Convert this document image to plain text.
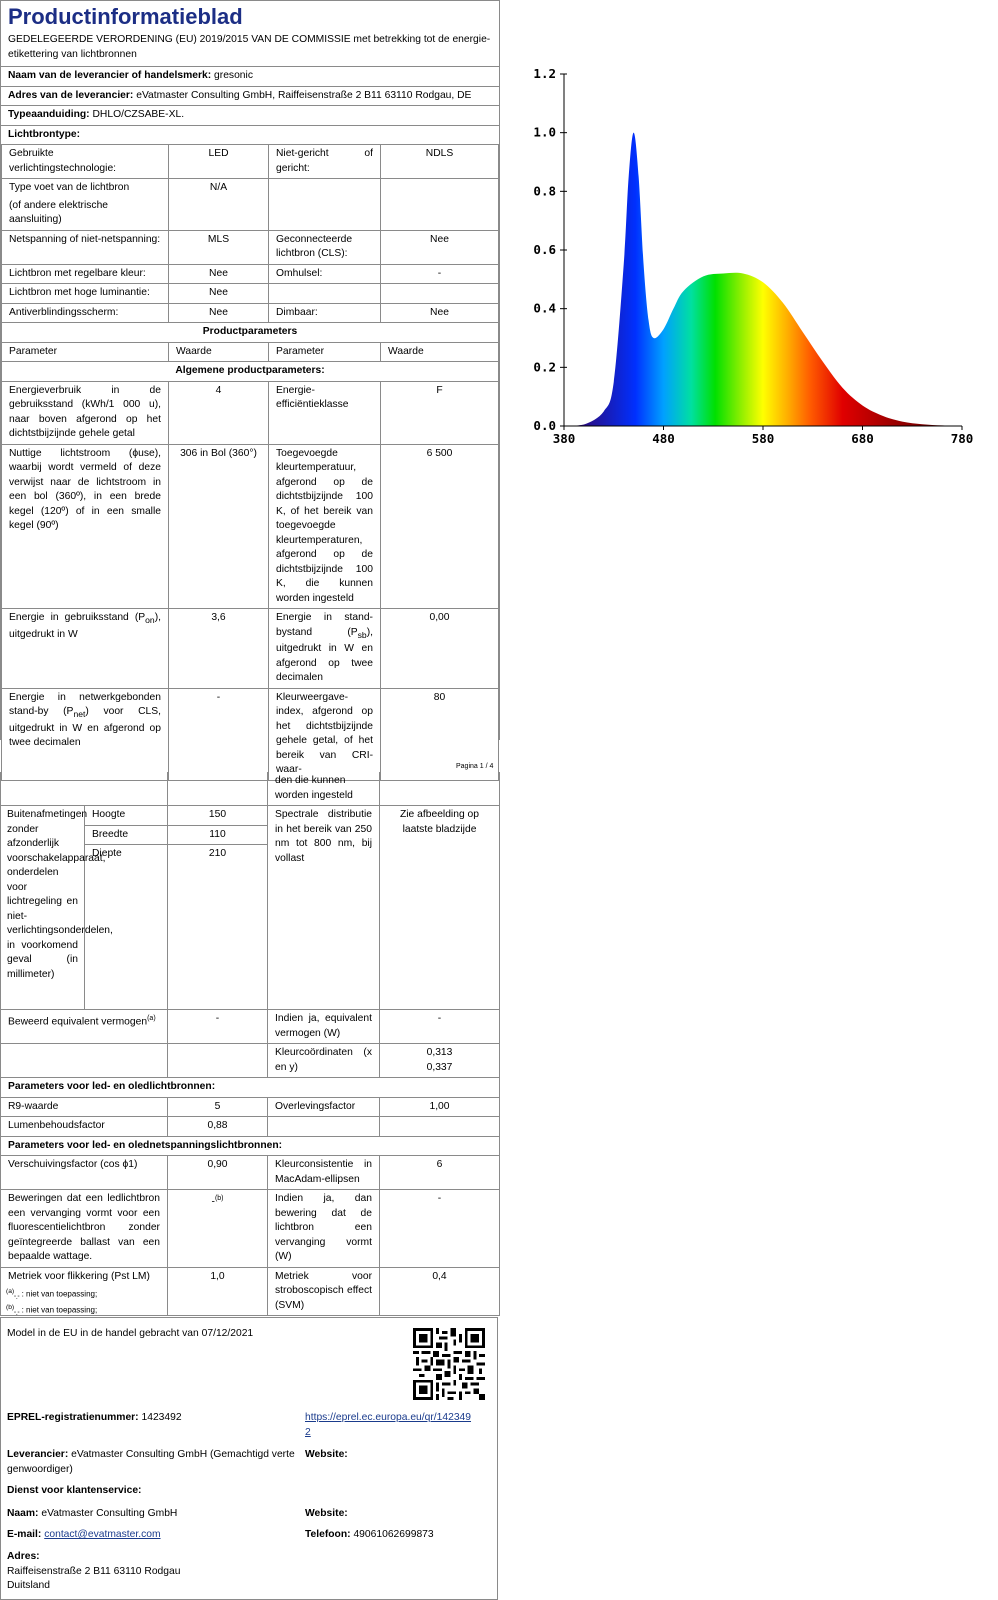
Productinformatieblad
GEDELEGEERDE VERORDENING (EU) 2019/2015 VAN DE COMMISSIE met betrekking tot de energie-etikettering van lichtbronnen
Naam van de leverancier of handelsmerk: gresonic
Adres van de leverancier: eVatmaster Consulting GmbH, Raiffeisenstraße 2 B11 63110 Rodgau, DE
Typeaanduiding: DHLO/CZSABE-XL.
Lichtbrontype:
Gebruikte verlichtingstechnologie:	LED	Niet-gericht of gericht:	NDLS

Type voet van de lichtbron
(of andere elektrische aansluiting)	N/A		
Netspanning of niet-netspanning:	MLS	Geconnecteerde lichtbron (CLS):	Nee
Lichtbron met regelbare kleur:	Nee	Omhulsel:	-
Lichtbron met hoge luminantie:	Nee		
Antiverblindingsscherm:	Nee	Dimbaar:	Nee
Productparameters			
Parameter	Waarde	Parameter	Waarde
Algemene productparameters:			
Energieverbruik in de gebruiksstand (kWh/1 000 u), naar boven afgerond op het dichtstbijzijnde gehele getal	4	Energie-efficiëntieklasse	F
Nuttige lichtstroom (ϕuse), waarbij wordt vermeld of deze verwijst naar de lichtstroom in een bol (360º), in een brede kegel (120º) of in een smalle kegel (90º)	306 in Bol (360°)	Toegevoegde kleurtemperatuur, afgerond op de dichtstbijzijnde 100 K, of het bereik van toegevoegde kleurtemperaturen, afgerond op de dichtstbijzijnde 100 K, die kunnen worden ingesteld	6 500
Energie in gebruiksstand $(P_{on})$, uitgedrukt in W	3,6	Energie in stand-bystand $(P_{sb})$, uitgedrukt in W en afgerond op twee decimalen	0,00
Energie in netwerkgebonden stand-by $(P_{net})$ voor CLS, uitgedrukt in W en afgerond op twee decimalen	-	Kleurweergave-index, afgerond op het dichtstbijzijnde gehele getal, of het bereik van CRI-waar-	80
Pagina 1 / 4
			den die kunnen worden ingesteld	
Buitenafmetingen zonder afzonderlijk voorschakelapparaat, onderdelen voor lichtregeling en niet-verlichtingsonderdelen, in voorkomend geval (in millimeter)	Hoogte	150	Spectrale distributie in het bereik van 250 nm tot 800 nm, bij vollast	Zie afbeelding op laatste bladzijde
	Breedte	110		
	Diepte	210		

Beweerd equivalent vermogen$^{(a)}$		-	Indien ja, equivalent vermogen (W)	-
			Kleurcoördinaten (x en y)	0,313
0,337

Parameters voor led- en oledlichtbronnen:				
R9-waarde		5	Overlevingsfactor	1,00
Lumenbehoudsfactor		0,88		
Parameters voor led- en olednetspanningslichtbronnen:				
Verschuivingsfactor (cos ϕ1)		0,90	Kleurconsistentie in MacAdam-ellipsen	6
Beweringen dat een ledlichtbron een vervanging vormt voor een fluorescentielichtbron zonder geïntegreerde ballast van een bepaalde wattage.		-$^{(b)}$	Indien ja, dan bewering dat de lichtbron een vervanging vormt (W)	-
Metriek voor flikkering (Pst LM)		1,0	Metriek voor stroboscopisch effect (SVM)	0,4
$^{(a)}_{"-"}$ : niet van toepassing;
$^{(b)}_{"-"}$ : niet van toepassing;
Model in de EU in de handel gebracht van 07/12/2021
EPREL-registratienummer: 1423492	https://eprel.ec.europa.eu/qr/1423492
Leverancier: eVatmaster Consulting GmbH (Gemachtigd vertegenwoordiger)
Website:
Dienst voor klantenservice:
Naam: eVatmaster Consulting GmbH	Website:
E-mail: contact@evatmaster.com	Telefoon: 49061062699873
Adres:
Raiffeisenstraße 2 B11 63110 Rodgau
Duitsland
0.0
0.2
0.4
0.6
0.8
1.0
1.2
380	480	580	680	780
